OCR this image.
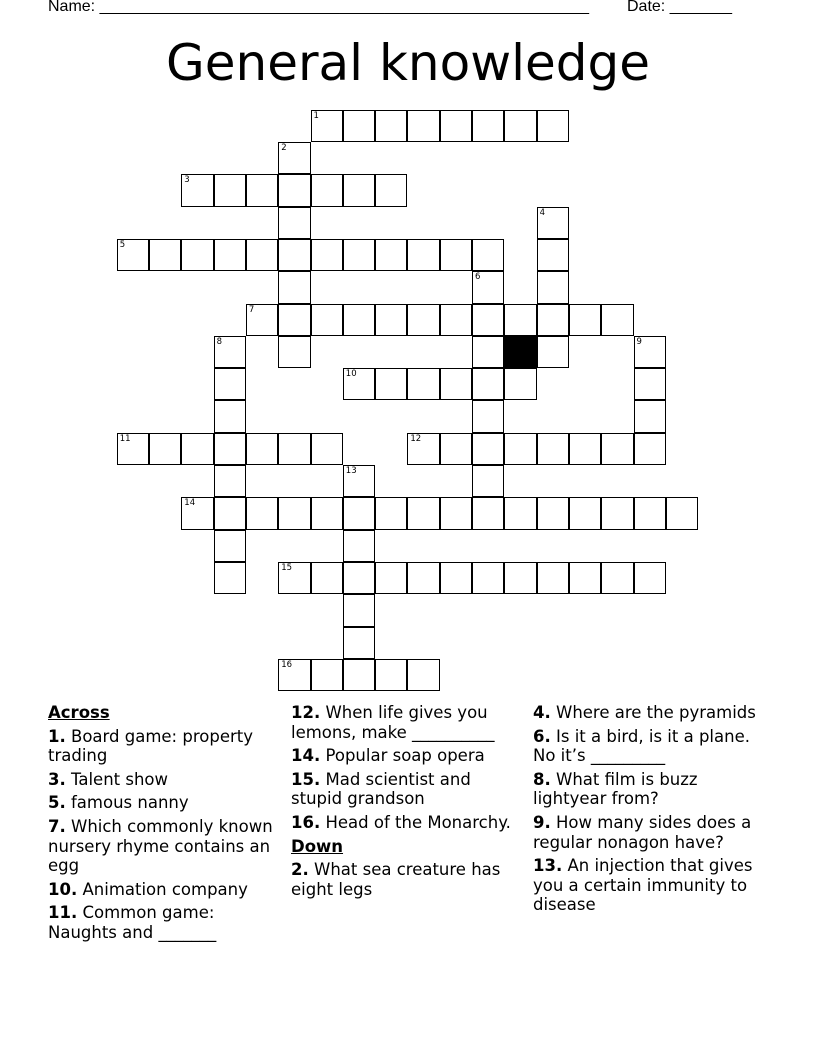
Name: _______________________________________________________ Date: _______
General knowledge
1
2
3
4
5
6
7
8	9
10
11	12
13
14
15
16
Across
1. Board game: property trading
3. Talent show
5. famous nanny
7. Which commonly known nursery rhyme contains an egg
10. Animation company
11. Common game: Naughts and _______
12. When life gives you lemons, make __________
14. Popular soap opera
15. Mad scientist and stupid grandson
16. Head of the Monarchy.
Down
2. What sea creature has eight legs
4. Where are the pyramids
6. Is it a bird, is it a plane. No it’s _________
8. What film is buzz lightyear from?
9. How many sides does a regular nonagon have?
13. An injection that gives you a certain immunity to disease
